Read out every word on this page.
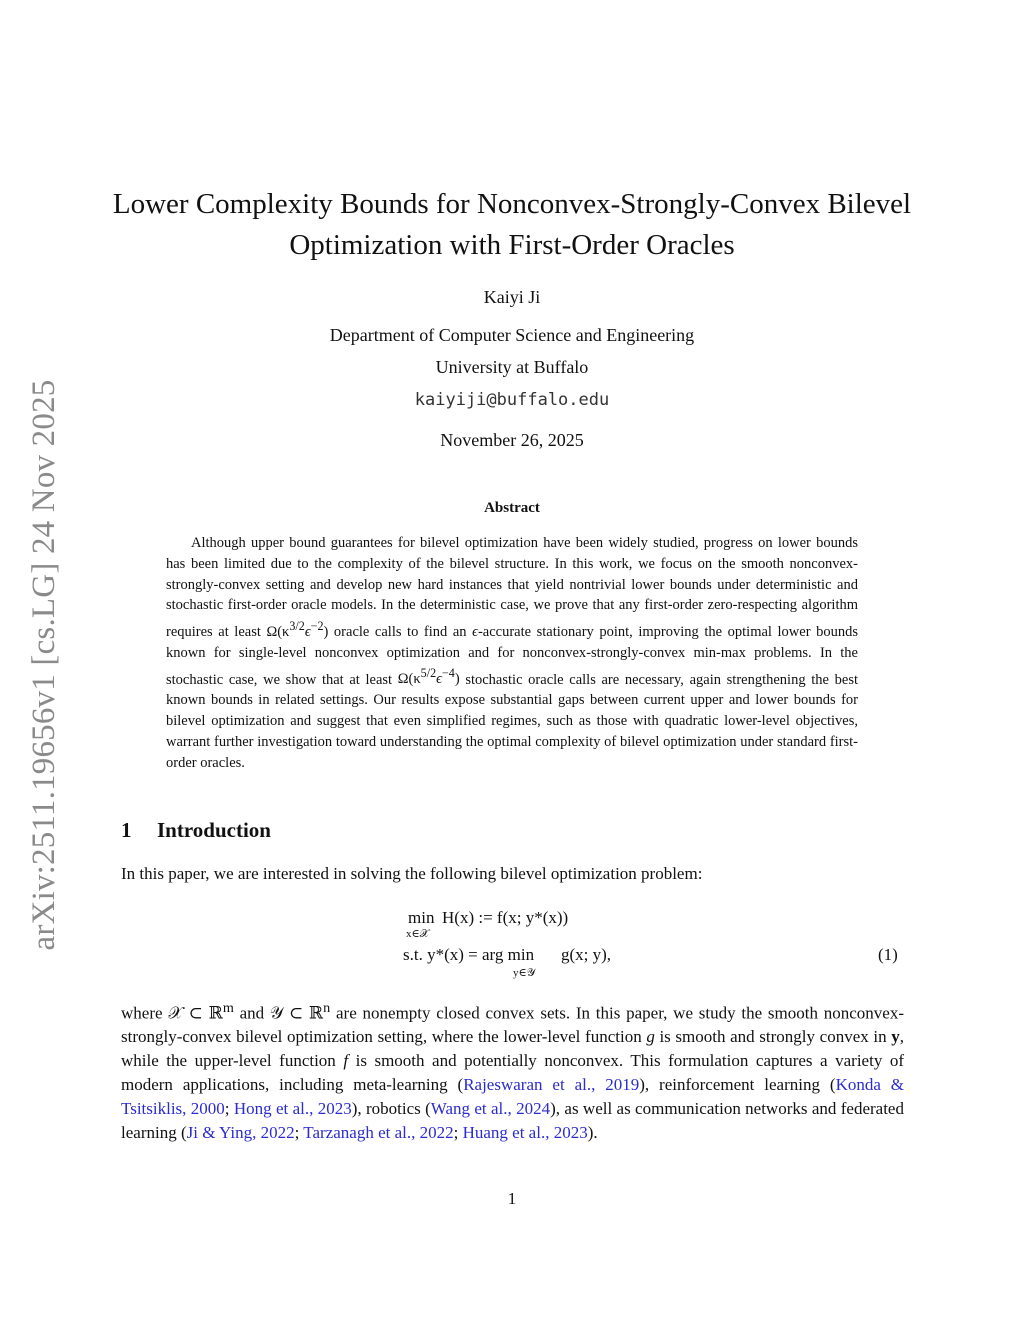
arXiv:2511.19656v1 [cs.LG] 24 Nov 2025
Lower Complexity Bounds for Nonconvex-Strongly-Convex Bilevel
Optimization with First-Order Oracles
Kaiyi Ji
Department of Computer Science and Engineering
University at Buffalo
kaiyiji@buffalo.edu
November 26, 2025
Abstract

Although upper bound guarantees for bilevel optimization have been widely studied, progress on lower bounds has been limited due to the complexity of the bilevel structure. In this work, we focus on the smooth nonconvex-strongly-convex setting and develop new hard instances that yield nontrivial lower bounds under deterministic and stochastic first-order oracle models. In the deterministic case, we prove that any first-order zero-respecting algorithm requires at least $\Omega(\kappa^{3/2}\epsilon^{-2})$ oracle calls to find an ϵ-accurate stationary point, improving the optimal lower bounds known for single-level nonconvex optimization and for nonconvex-strongly-convex min-max problems. In the stochastic case, we show that at least $\Omega(\kappa^{5/2}\epsilon^{-4})$ stochastic oracle calls are necessary, again strengthening the best known bounds in related settings. Our results expose substantial gaps between current upper and lower bounds for bilevel optimization and suggest that even simplified regimes, such as those with quadratic lower-level objectives, warrant further investigation toward understanding the optimal complexity of bilevel optimization under standard first-order oracles.

1 Introduction

In this paper, we are interested in solving the following bilevel optimization problem:

min
x∈𝒳
H(x) := f(x; y*(x))
s.t. y*(x) = arg min
y∈𝒴
g(x; y),	(1)

where 𝒳 ⊂ ℝ$^m$ and 𝒴 ⊂ ℝ$^n$ are nonempty closed convex sets. In this paper, we study the smooth nonconvex-strongly-convex bilevel optimization setting, where the lower-level function g is smooth and strongly convex in y, while the upper-level function f is smooth and potentially nonconvex. This formulation captures a variety of modern applications, including meta-learning (Rajeswaran et al., 2019), reinforcement learning (Konda & Tsitsiklis, 2000; Hong et al., 2023), robotics (Wang et al., 2024), as well as communication networks and federated learning (Ji & Ying, 2022; Tarzanagh et al., 2022; Huang et al., 2023).

1
